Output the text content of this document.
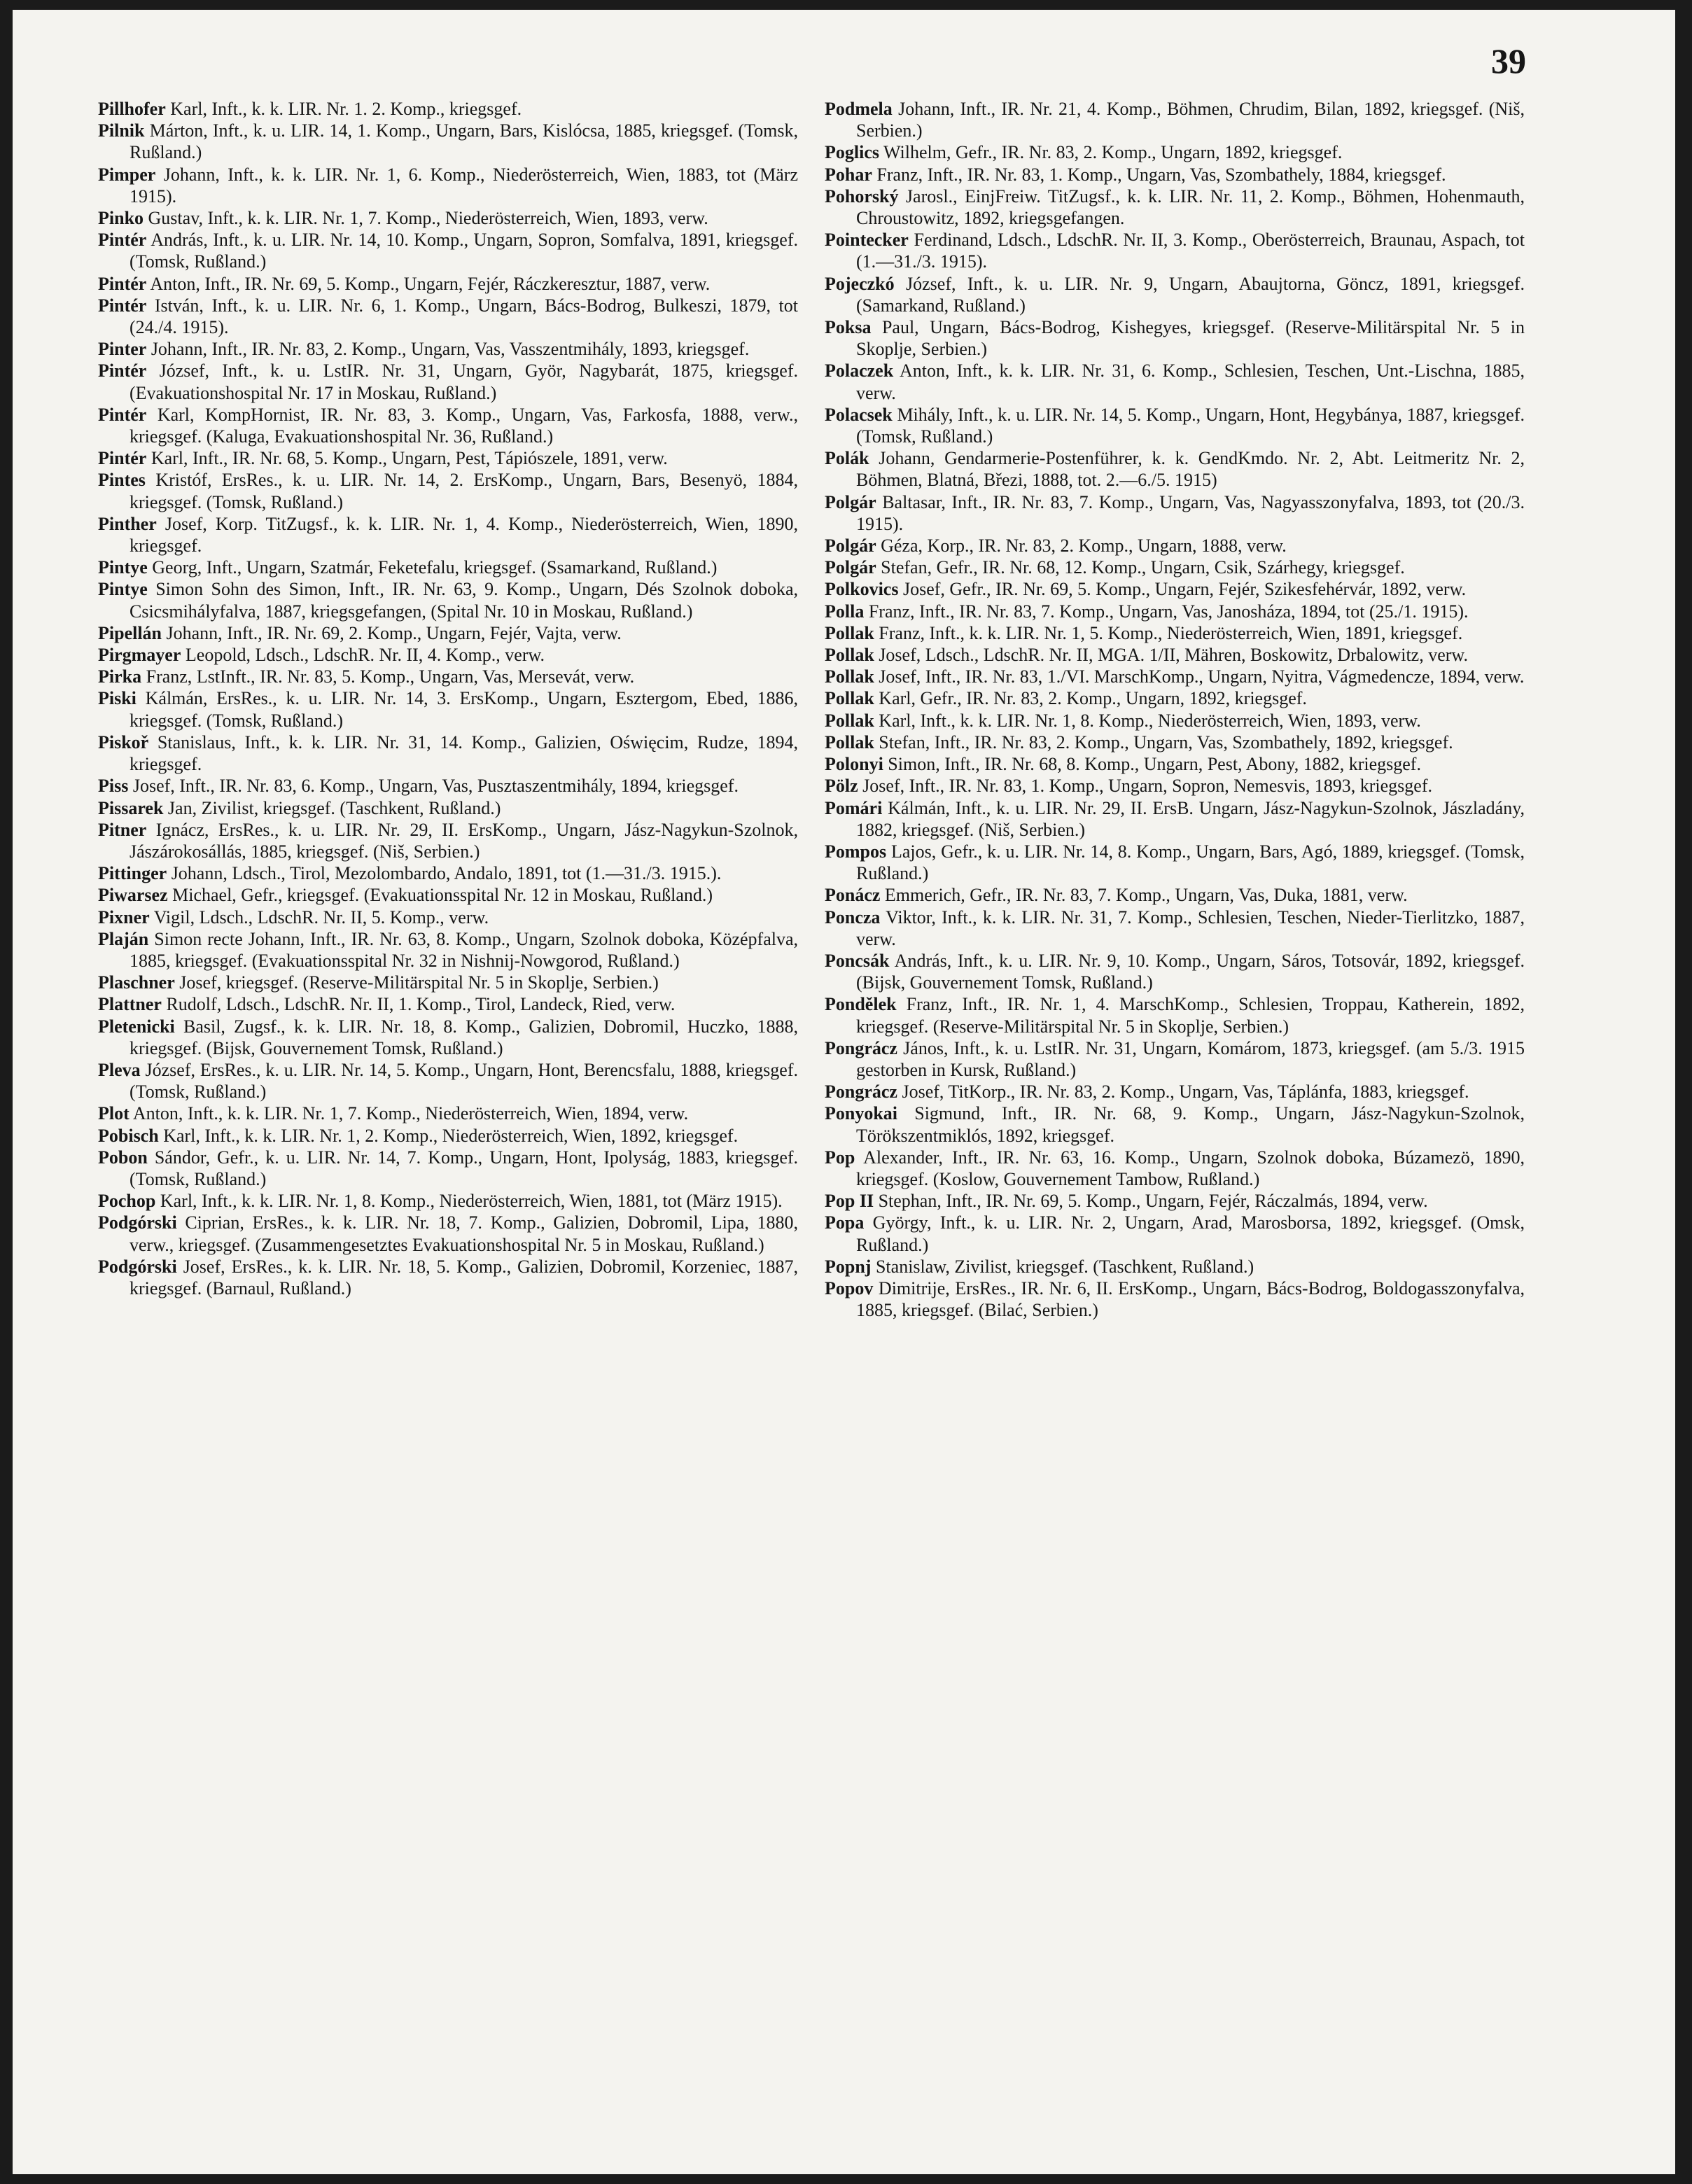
39

Pillhofer Karl, Inft., k. k. LIR. Nr. 1. 2. Komp., kriegsgef.

Pilnik Márton, Inft., k. u. LIR. 14, 1. Komp., Ungarn, Bars, Kislócsa, 1885, kriegsgef. (Tomsk, Rußland.)

Pimper Johann, Inft., k. k. LIR. Nr. 1, 6. Komp., Niederösterreich, Wien, 1883, tot (März 1915).

Pinko Gustav, Inft., k. k. LIR. Nr. 1, 7. Komp., Niederösterreich, Wien, 1893, verw.

Pintér András, Inft., k. u. LIR. Nr. 14, 10. Komp., Ungarn, Sopron, Somfalva, 1891, kriegsgef. (Tomsk, Rußland.)

Pintér Anton, Inft., IR. Nr. 69, 5. Komp., Ungarn, Fejér, Ráczkeresztur, 1887, verw.

Pintér István, Inft., k. u. LIR. Nr. 6, 1. Komp., Ungarn, Bács-Bodrog, Bulkeszi, 1879, tot (24./4. 1915).

Pinter Johann, Inft., IR. Nr. 83, 2. Komp., Ungarn, Vas, Vasszentmihály, 1893, kriegsgef.

Pintér József, Inft., k. u. LstIR. Nr. 31, Ungarn, Györ, Nagybarát, 1875, kriegsgef. (Evakuationshospital Nr. 17 in Moskau, Rußland.)

Pintér Karl, KompHornist, IR. Nr. 83, 3. Komp., Ungarn, Vas, Farkosfa, 1888, verw., kriegsgef. (Kaluga, Evakuationshospital Nr. 36, Rußland.)

Pintér Karl, Inft., IR. Nr. 68, 5. Komp., Ungarn, Pest, Tápiószele, 1891, verw.

Pintes Kristóf, ErsRes., k. u. LIR. Nr. 14, 2. ErsKomp., Ungarn, Bars, Besenyö, 1884, kriegsgef. (Tomsk, Rußland.)

Pinther Josef, Korp. TitZugsf., k. k. LIR. Nr. 1, 4. Komp., Niederösterreich, Wien, 1890, kriegsgef.

Pintye Georg, Inft., Ungarn, Szatmár, Feketefalu, kriegsgef. (Ssamarkand, Rußland.)

Pintye Simon Sohn des Simon, Inft., IR. Nr. 63, 9. Komp., Ungarn, Dés Szolnok doboka, Csicsmihályfalva, 1887, kriegsgefangen, (Spital Nr. 10 in Moskau, Rußland.)

Pipellán Johann, Inft., IR. Nr. 69, 2. Komp., Ungarn, Fejér, Vajta, verw.

Pirgmayer Leopold, Ldsch., LdschR. Nr. II, 4. Komp., verw.

Pirka Franz, LstInft., IR. Nr. 83, 5. Komp., Ungarn, Vas, Mersevát, verw.

Piski Kálmán, ErsRes., k. u. LIR. Nr. 14, 3. ErsKomp., Ungarn, Esztergom, Ebed, 1886, kriegsgef. (Tomsk, Rußland.)

Piskoř Stanislaus, Inft., k. k. LIR. Nr. 31, 14. Komp., Galizien, Oświęcim, Rudze, 1894, kriegsgef.

Piss Josef, Inft., IR. Nr. 83, 6. Komp., Ungarn, Vas, Pusztaszentmihály, 1894, kriegsgef.

Pissarek Jan, Zivilist, kriegsgef. (Taschkent, Rußland.)

Pitner Ignácz, ErsRes., k. u. LIR. Nr. 29, II. ErsKomp., Ungarn, Jász-Nagykun-Szolnok, Jászárokosállás, 1885, kriegsgef. (Niš, Serbien.)

Pittinger Johann, Ldsch., Tirol, Mezolombardo, Andalo, 1891, tot (1.—31./3. 1915.).

Piwarsez Michael, Gefr., kriegsgef. (Evakuationsspital Nr. 12 in Moskau, Rußland.)

Pixner Vigil, Ldsch., LdschR. Nr. II, 5. Komp., verw.

Plaján Simon recte Johann, Inft., IR. Nr. 63, 8. Komp., Ungarn, Szolnok doboka, Középfalva, 1885, kriegsgef. (Evakuationsspital Nr. 32 in Nishnij-Nowgorod, Rußland.)

Plaschner Josef, kriegsgef. (Reserve-Militärspital Nr. 5 in Skoplje, Serbien.)

Plattner Rudolf, Ldsch., LdschR. Nr. II, 1. Komp., Tirol, Landeck, Ried, verw.

Pletenicki Basil, Zugsf., k. k. LIR. Nr. 18, 8. Komp., Galizien, Dobromil, Huczko, 1888, kriegsgef. (Bijsk, Gouvernement Tomsk, Rußland.)

Pleva József, ErsRes., k. u. LIR. Nr. 14, 5. Komp., Ungarn, Hont, Berencsfalu, 1888, kriegsgef. (Tomsk, Rußland.)

Plot Anton, Inft., k. k. LIR. Nr. 1, 7. Komp., Niederösterreich, Wien, 1894, verw.

Pobisch Karl, Inft., k. k. LIR. Nr. 1, 2. Komp., Niederösterreich, Wien, 1892, kriegsgef.

Pobon Sándor, Gefr., k. u. LIR. Nr. 14, 7. Komp., Ungarn, Hont, Ipolyság, 1883, kriegsgef. (Tomsk, Rußland.)

Pochop Karl, Inft., k. k. LIR. Nr. 1, 8. Komp., Niederösterreich, Wien, 1881, tot (März 1915).

Podgórski Ciprian, ErsRes., k. k. LIR. Nr. 18, 7. Komp., Galizien, Dobromil, Lipa, 1880, verw., kriegsgef. (Zusammengesetztes Evakuationshospital Nr. 5 in Moskau, Rußland.)

Podgórski Josef, ErsRes., k. k. LIR. Nr. 18, 5. Komp., Galizien, Dobromil, Korzeniec, 1887, kriegsgef. (Barnaul, Rußland.)

Podmela Johann, Inft., IR. Nr. 21, 4. Komp., Böhmen, Chrudim, Bilan, 1892, kriegsgef. (Niš, Serbien.)

Poglics Wilhelm, Gefr., IR. Nr. 83, 2. Komp., Ungarn, 1892, kriegsgef.

Pohar Franz, Inft., IR. Nr. 83, 1. Komp., Ungarn, Vas, Szombathely, 1884, kriegsgef.

Pohorský Jarosl., EinjFreiw. TitZugsf., k. k. LIR. Nr. 11, 2. Komp., Böhmen, Hohenmauth, Chroustowitz, 1892, kriegsgefangen.

Pointecker Ferdinand, Ldsch., LdschR. Nr. II, 3. Komp., Oberösterreich, Braunau, Aspach, tot (1.—31./3. 1915).

Pojeczkó József, Inft., k. u. LIR. Nr. 9, Ungarn, Abaujtorna, Göncz, 1891, kriegsgef. (Samarkand, Rußland.)

Poksa Paul, Ungarn, Bács-Bodrog, Kishegyes, kriegsgef. (Reserve-Militärspital Nr. 5 in Skoplje, Serbien.)

Polaczek Anton, Inft., k. k. LIR. Nr. 31, 6. Komp., Schlesien, Teschen, Unt.-Lischna, 1885, verw.

Polacsek Mihály, Inft., k. u. LIR. Nr. 14, 5. Komp., Ungarn, Hont, Hegybánya, 1887, kriegsgef. (Tomsk, Rußland.)

Polák Johann, Gendarmerie-Postenführer, k. k. GendKmdo. Nr. 2, Abt. Leitmeritz Nr. 2, Böhmen, Blatná, Březi, 1888, tot. 2.—6./5. 1915)

Polgár Baltasar, Inft., IR. Nr. 83, 7. Komp., Ungarn, Vas, Nagyasszonyfalva, 1893, tot (20./3. 1915).

Polgár Géza, Korp., IR. Nr. 83, 2. Komp., Ungarn, 1888, verw.

Polgár Stefan, Gefr., IR. Nr. 68, 12. Komp., Ungarn, Csik, Szárhegy, kriegsgef.

Polkovics Josef, Gefr., IR. Nr. 69, 5. Komp., Ungarn, Fejér, Szikesfehérvár, 1892, verw.

Polla Franz, Inft., IR. Nr. 83, 7. Komp., Ungarn, Vas, Janosháza, 1894, tot (25./1. 1915).

Pollak Franz, Inft., k. k. LIR. Nr. 1, 5. Komp., Niederösterreich, Wien, 1891, kriegsgef.

Pollak Josef, Ldsch., LdschR. Nr. II, MGA. 1/II, Mähren, Boskowitz, Drbalowitz, verw.

Pollak Josef, Inft., IR. Nr. 83, 1./VI. MarschKomp., Ungarn, Nyitra, Vágmedencze, 1894, verw.

Pollak Karl, Gefr., IR. Nr. 83, 2. Komp., Ungarn, 1892, kriegsgef.

Pollak Karl, Inft., k. k. LIR. Nr. 1, 8. Komp., Niederösterreich, Wien, 1893, verw.

Pollak Stefan, Inft., IR. Nr. 83, 2. Komp., Ungarn, Vas, Szombathely, 1892, kriegsgef.

Polonyi Simon, Inft., IR. Nr. 68, 8. Komp., Ungarn, Pest, Abony, 1882, kriegsgef.

Pölz Josef, Inft., IR. Nr. 83, 1. Komp., Ungarn, Sopron, Nemesvis, 1893, kriegsgef.

Pomári Kálmán, Inft., k. u. LIR. Nr. 29, II. ErsB. Ungarn, Jász-Nagykun-Szolnok, Jászladány, 1882, kriegsgef. (Niš, Serbien.)

Pompos Lajos, Gefr., k. u. LIR. Nr. 14, 8. Komp., Ungarn, Bars, Agó, 1889, kriegsgef. (Tomsk, Rußland.)

Ponácz Emmerich, Gefr., IR. Nr. 83, 7. Komp., Ungarn, Vas, Duka, 1881, verw.

Poncza Viktor, Inft., k. k. LIR. Nr. 31, 7. Komp., Schlesien, Teschen, Nieder-Tierlitzko, 1887, verw.

Poncsák András, Inft., k. u. LIR. Nr. 9, 10. Komp., Ungarn, Sáros, Totsovár, 1892, kriegsgef. (Bijsk, Gouvernement Tomsk, Rußland.)

Pondělek Franz, Inft., IR. Nr. 1, 4. MarschKomp., Schlesien, Troppau, Katherein, 1892, kriegsgef. (Reserve-Militärspital Nr. 5 in Skoplje, Serbien.)

Pongrácz János, Inft., k. u. LstIR. Nr. 31, Ungarn, Komárom, 1873, kriegsgef. (am 5./3. 1915 gestorben in Kursk, Rußland.)

Pongrácz Josef, TitKorp., IR. Nr. 83, 2. Komp., Ungarn, Vas, Táplánfa, 1883, kriegsgef.

Ponyokai Sigmund, Inft., IR. Nr. 68, 9. Komp., Ungarn, Jász-Nagykun-Szolnok, Törökszentmiklós, 1892, kriegsgef.

Pop Alexander, Inft., IR. Nr. 63, 16. Komp., Ungarn, Szolnok doboka, Búzamezö, 1890, kriegsgef. (Koslow, Gouvernement Tambow, Rußland.)

Pop II Stephan, Inft., IR. Nr. 69, 5. Komp., Ungarn, Fejér, Ráczalmás, 1894, verw.

Popa György, Inft., k. u. LIR. Nr. 2, Ungarn, Arad, Marosborsa, 1892, kriegsgef. (Omsk, Rußland.)

Popnj Stanislaw, Zivilist, kriegsgef. (Taschkent, Rußland.)

Popov Dimitrije, ErsRes., IR. Nr. 6, II. ErsKomp., Ungarn, Bács-Bodrog, Boldogasszonyfalva, 1885, kriegsgef. (Bilać, Serbien.)
